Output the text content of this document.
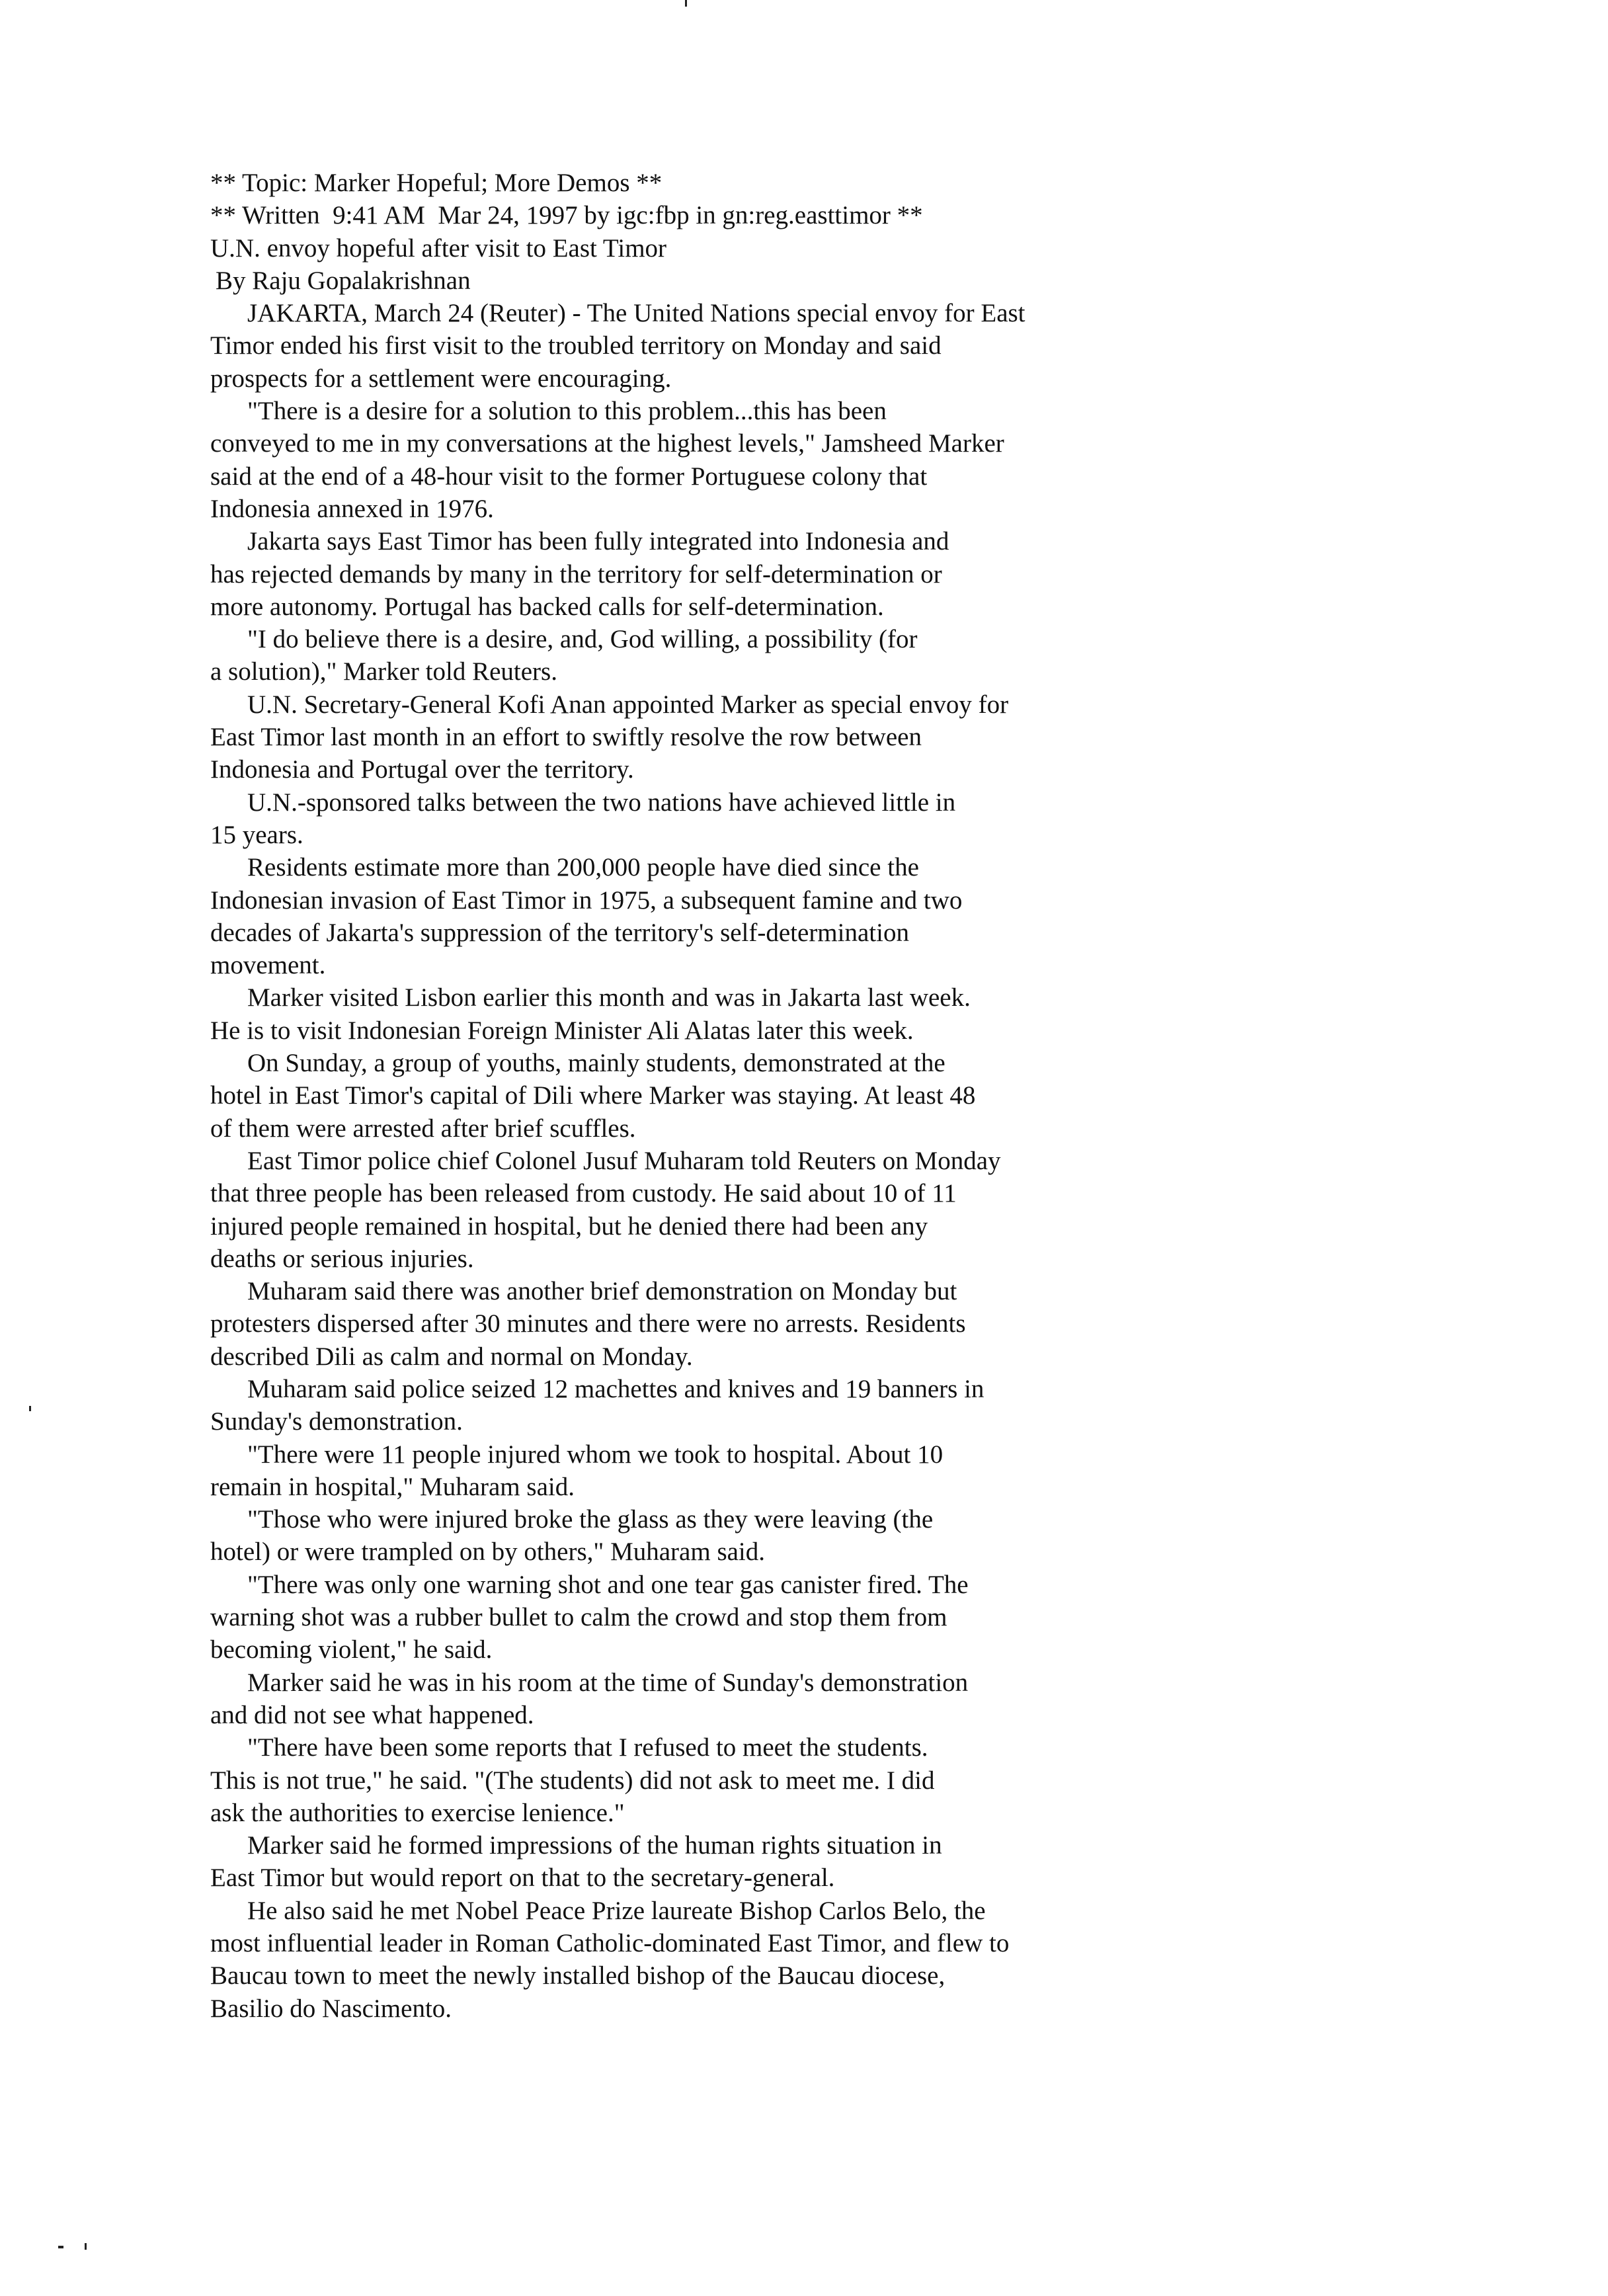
** Topic: Marker Hopeful; More Demos **
** Written  9:41 AM  Mar 24, 1997 by igc:fbp in gn:reg.easttimor **
U.N. envoy hopeful after visit to East Timor
By Raju Gopalakrishnan
JAKARTA, March 24 (Reuter) - The United Nations special envoy for East
Timor ended his first visit to the troubled territory on Monday and said
prospects for a settlement were encouraging.
"There is a desire for a solution to this problem...this has been
conveyed to me in my conversations at the highest levels," Jamsheed Marker
said at the end of a 48-hour visit to the former Portuguese colony that
Indonesia annexed in 1976.
Jakarta says East Timor has been fully integrated into Indonesia and
has rejected demands by many in the territory for self-determination or
more autonomy. Portugal has backed calls for self-determination.
"I do believe there is a desire, and, God willing, a possibility (for
a solution)," Marker told Reuters.
U.N. Secretary-General Kofi Anan appointed Marker as special envoy for
East Timor last month in an effort to swiftly resolve the row between
Indonesia and Portugal over the territory.
U.N.-sponsored talks between the two nations have achieved little in
15 years.
Residents estimate more than 200,000 people have died since the
Indonesian invasion of East Timor in 1975, a subsequent famine and two
decades of Jakarta's suppression of the territory's self-determination
movement.
Marker visited Lisbon earlier this month and was in Jakarta last week.
He is to visit Indonesian Foreign Minister Ali Alatas later this week.
On Sunday, a group of youths, mainly students, demonstrated at the
hotel in East Timor's capital of Dili where Marker was staying. At least 48
of them were arrested after brief scuffles.
East Timor police chief Colonel Jusuf Muharam told Reuters on Monday
that three people has been released from custody. He said about 10 of 11
injured people remained in hospital, but he denied there had been any
deaths or serious injuries.
Muharam said there was another brief demonstration on Monday but
protesters dispersed after 30 minutes and there were no arrests. Residents
described Dili as calm and normal on Monday.
Muharam said police seized 12 machettes and knives and 19 banners in
Sunday's demonstration.
"There were 11 people injured whom we took to hospital. About 10
remain in hospital," Muharam said.
"Those who were injured broke the glass as they were leaving (the
hotel) or were trampled on by others," Muharam said.
"There was only one warning shot and one tear gas canister fired. The
warning shot was a rubber bullet to calm the crowd and stop them from
becoming violent," he said.
Marker said he was in his room at the time of Sunday's demonstration
and did not see what happened.
"There have been some reports that I refused to meet the students.
This is not true," he said. "(The students) did not ask to meet me. I did
ask the authorities to exercise lenience."
Marker said he formed impressions of the human rights situation in
East Timor but would report on that to the secretary-general.
He also said he met Nobel Peace Prize laureate Bishop Carlos Belo, the
most influential leader in Roman Catholic-dominated East Timor, and flew to
Baucau town to meet the newly installed bishop of the Baucau diocese,
Basilio do Nascimento.
